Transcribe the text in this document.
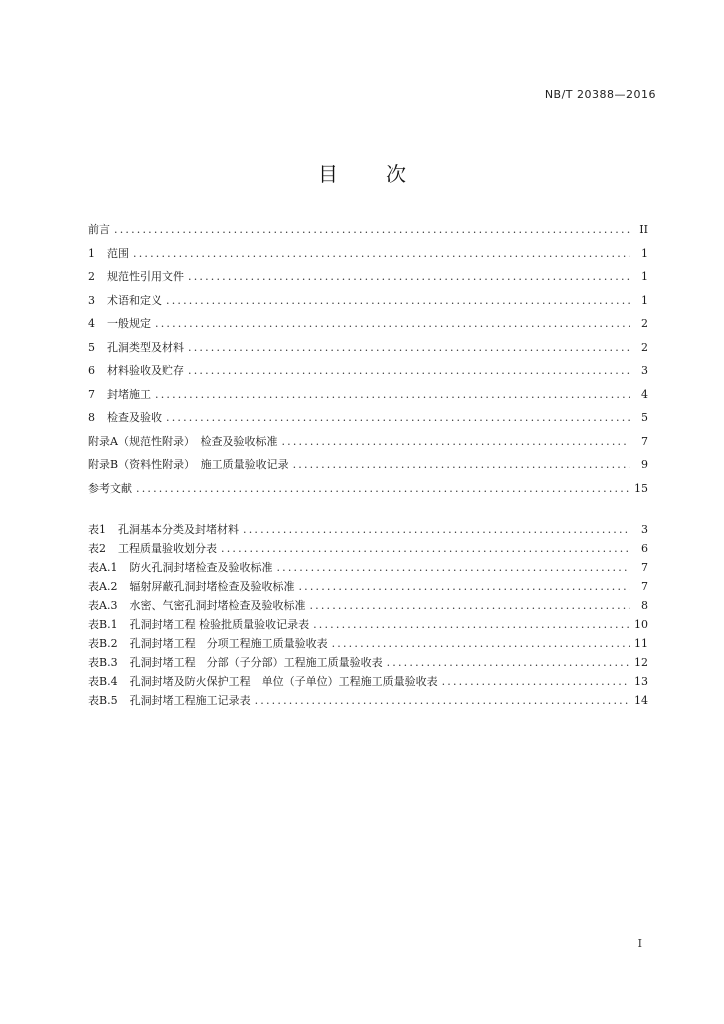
NB/T 20388—2016
目　次
前言 .....	II
1 范围 .....	1
2 规范性引用文件 .....	1
3 术语和定义 .....	1
4 一般规定 .....	2
5 孔洞类型及材料 .....	2
6 材料验收及贮存 .....	3
7 封堵施工 .....	4
8 检查及验收 .....	5
附录A（规范性附录）　检查及验收标准 .....	7
附录B（资料性附录）　施工质量验收记录 .....	9
参考文献 .....	15
表1 孔洞基本分类及封堵材料 .....	3
表2 工程质量验收划分表 .....	6
表A.1 防火孔洞封堵检查及验收标准 .....	7
表A.2 辐射屏蔽孔洞封堵检查及验收标准 .....	7
表A.3 水密、气密孔洞封堵检查及验收标准 .....	8
表B.1 孔洞封堵工程 检验批质量验收记录表 .....	10
表B.2 孔洞封堵工程　分项工程施工质量验收表 .....	11
表B.3 孔洞封堵工程　分部（子分部）工程施工质量验收表 .....	12
表B.4 孔洞封堵及防火保护工程　单位（子单位）工程施工质量验收表 .....	13
表B.5 孔洞封堵工程施工记录表 .....	14
I
